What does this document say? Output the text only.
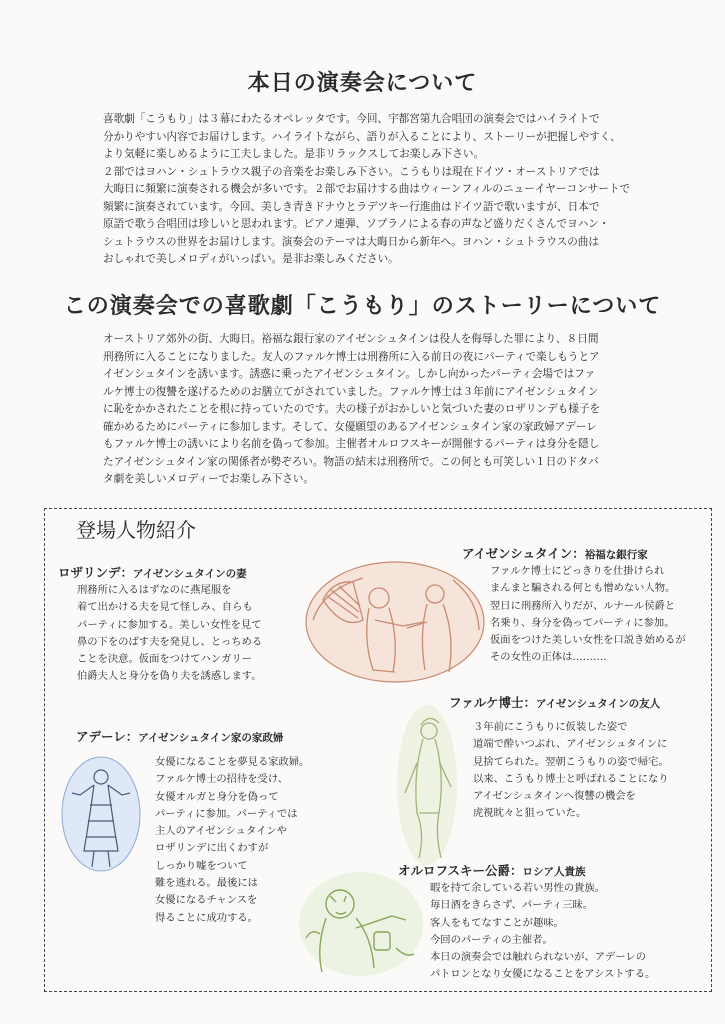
本日の演奏会について

喜歌劇「こうもり」は３幕にわたるオペレッタです。今回、宇都宮第九合唱団の演奏会ではハイライトで

分かりやすい内容でお届けします。ハイライトながら、語りが入ることにより、ストーリーが把握しやすく、

より気軽に楽しめるように工夫しました。是非リラックスしてお楽しみ下さい。

２部ではヨハン・シュトラウス親子の音楽をお楽しみ下さい。こうもりは現在ドイツ・オーストリアでは

大晦日に頻繁に演奏される機会が多いです。２部でお届けする曲はウィーンフィルのニューイヤーコンサートで

頻繁に演奏されています。今回、美しき青きドナウとラデツキー行進曲はドイツ語で歌いますが、日本で

原語で歌う合唱団は珍しいと思われます。ピアノ連弾、ソプラノによる春の声など盛りだくさんでヨハン・

シュトラウスの世界をお届けします。演奏会のテーマは大晦日から新年へ。ヨハン・シュトラウスの曲は

おしゃれで美しメロディがいっぱい。是非お楽しみください。

この演奏会での喜歌劇「こうもり」のストーリーについて

オーストリア郊外の街、大晦日。裕福な銀行家のアイゼンシュタインは役人を侮辱した罪により、８日間

刑務所に入ることになりました。友人のファルケ博士は刑務所に入る前日の夜にパーティで楽しもうとア

イゼンシュタインを誘います。誘惑に乗ったアイゼンシュタイン。しかし向かったパーティ会場ではファ

ルケ博士の復讐を遂げるためのお膳立てがされていました。ファルケ博士は３年前にアイゼンシュタイン

に恥をかかされたことを根に持っていたのです。夫の様子がおかしいと気づいた妻のロザリンデも様子を

確かめるためにパーティに参加します。そして、女優願望のあるアイゼンシュタイン家の家政婦アデーレ

もファルケ博士の誘いにより名前を偽って参加。主催者オルロフスキーが開催するパーティは身分を隠し

たアイゼンシュタイン家の関係者が勢ぞろい。物語の結末は刑務所で。この何とも可笑しい１日のドタバ

タ劇を美しいメロディーでお楽しみ下さい。

登場人物紹介
ロザリンデ：アイゼンシュタインの妻
刑務所に入るはずなのに燕尾服を
着て出かける夫を見て怪しみ、自らも
パーティに参加する。美しい女性を見て
鼻の下をのばす夫を発見し、とっちめる
ことを決意。仮面をつけてハンガリー
伯爵夫人と身分を偽り夫を誘惑します。
アイゼンシュタイン：裕福な銀行家
ファルケ博士にどっきりを仕掛けられ
まんまと騙される何とも憎めない人物。
翌日に刑務所入りだが、ルナール侯爵と
名乗り、身分を偽ってパーティに参加。
仮面をつけた美しい女性を口説き始めるが
その女性の正体は……….
ファルケ博士：アイゼンシュタインの友人
３年前にこうもりに仮装した姿で
道端で酔いつぶれ、アイゼンシュタインに
見捨てられた。翌朝こうもりの姿で帰宅。
以来、こうもり博士と呼ばれることになり
アイゼンシュタインへ復讐の機会を
虎視眈々と狙っていた。
アデーレ：アイゼンシュタイン家の家政婦
女優になることを夢見る家政婦。
ファルケ博士の招待を受け、
女優オルガと身分を偽って
パーティに参加。パーティでは
主人のアイゼンシュタインや
ロザリンデに出くわすが
しっかり嘘をついて
難を逃れる。最後には
女優になるチャンスを
得ることに成功する。
オルロフスキー公爵：ロシア人貴族
暇を持て余している若い男性の貴族。
毎日酒をきらさず、パーティ三昧。
客人をもてなすことが趣味。
今回のパーティの主催者。
本日の演奏会では触れられないが、アデーレの
パトロンとなり女優になることをアシストする。
